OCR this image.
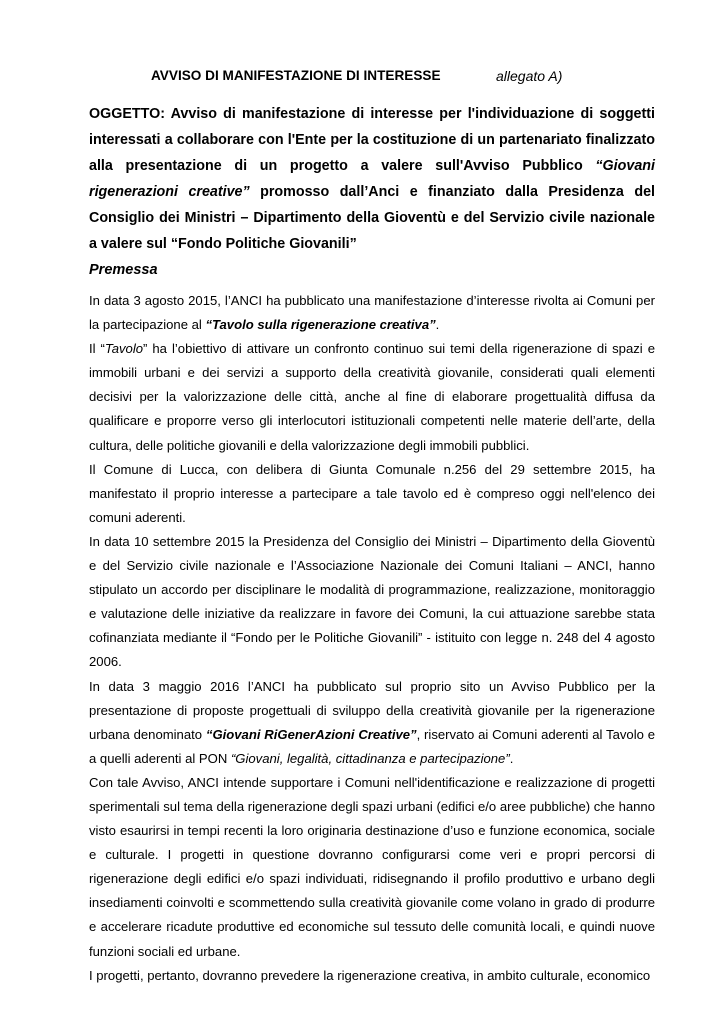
AVVISO DI MANIFESTAZIONE DI INTERESSE	allegato A)
OGGETTO: Avviso di manifestazione di interesse per l'individuazione di soggetti interessati a collaborare con l'Ente per la costituzione di un partenariato finalizzato alla presentazione di un progetto a valere sull'Avviso Pubblico “Giovani rigenerazioni creative” promosso dall’Anci e finanziato dalla Presidenza del Consiglio dei Ministri – Dipartimento della Gioventù e del Servizio civile nazionale a valere sul “Fondo Politiche Giovanili”
Premessa

In data 3 agosto 2015, l’ANCI ha pubblicato una manifestazione d’interesse rivolta ai Comuni per la partecipazione al “Tavolo sulla rigenerazione creativa”.

Il “Tavolo” ha l’obiettivo di attivare un confronto continuo sui temi della rigenerazione di spazi e immobili urbani e dei servizi a supporto della creatività giovanile, considerati quali elementi decisivi per la valorizzazione delle città, anche al fine di elaborare progettualità diffusa da qualificare e proporre verso gli interlocutori istituzionali competenti nelle materie dell’arte, della cultura, delle politiche giovanili e della valorizzazione degli immobili pubblici.

Il Comune di Lucca, con delibera di Giunta Comunale n.256 del 29 settembre 2015, ha manifestato il proprio interesse a partecipare a tale tavolo ed è compreso oggi nell'elenco dei comuni aderenti.

In data 10 settembre 2015 la Presidenza del Consiglio dei Ministri – Dipartimento della Gioventù e del Servizio civile nazionale e l’Associazione Nazionale dei Comuni Italiani – ANCI, hanno stipulato un accordo per disciplinare le modalità di programmazione, realizzazione, monitoraggio e valutazione delle iniziative da realizzare in favore dei Comuni, la cui attuazione sarebbe stata cofinanziata mediante il “Fondo per le Politiche Giovanili” - istituito con legge n. 248 del 4 agosto 2006.

In data 3 maggio 2016 l’ANCI ha pubblicato sul proprio sito un Avviso Pubblico per la presentazione di proposte progettuali di sviluppo della creatività giovanile per la rigenerazione urbana denominato “Giovani RiGenerAzioni Creative”, riservato ai Comuni aderenti al Tavolo e a quelli aderenti al PON “Giovani, legalità, cittadinanza e partecipazione”.

Con tale Avviso, ANCI intende supportare i Comuni nell'identificazione e realizzazione di progetti sperimentali sul tema della rigenerazione degli spazi urbani (edifici e/o aree pubbliche) che hanno visto esaurirsi in tempi recenti la loro originaria destinazione d’uso e funzione economica, sociale e culturale. I progetti in questione dovranno configurarsi come veri e propri percorsi di rigenerazione degli edifici e/o spazi individuati, ridisegnando il profilo produttivo e urbano degli insediamenti coinvolti e scommettendo sulla creatività giovanile come volano in grado di produrre e accelerare ricadute produttive ed economiche sul tessuto delle comunità locali, e quindi nuove funzioni sociali ed urbane.

I progetti, pertanto, dovranno prevedere la rigenerazione creativa, in ambito culturale, economico
